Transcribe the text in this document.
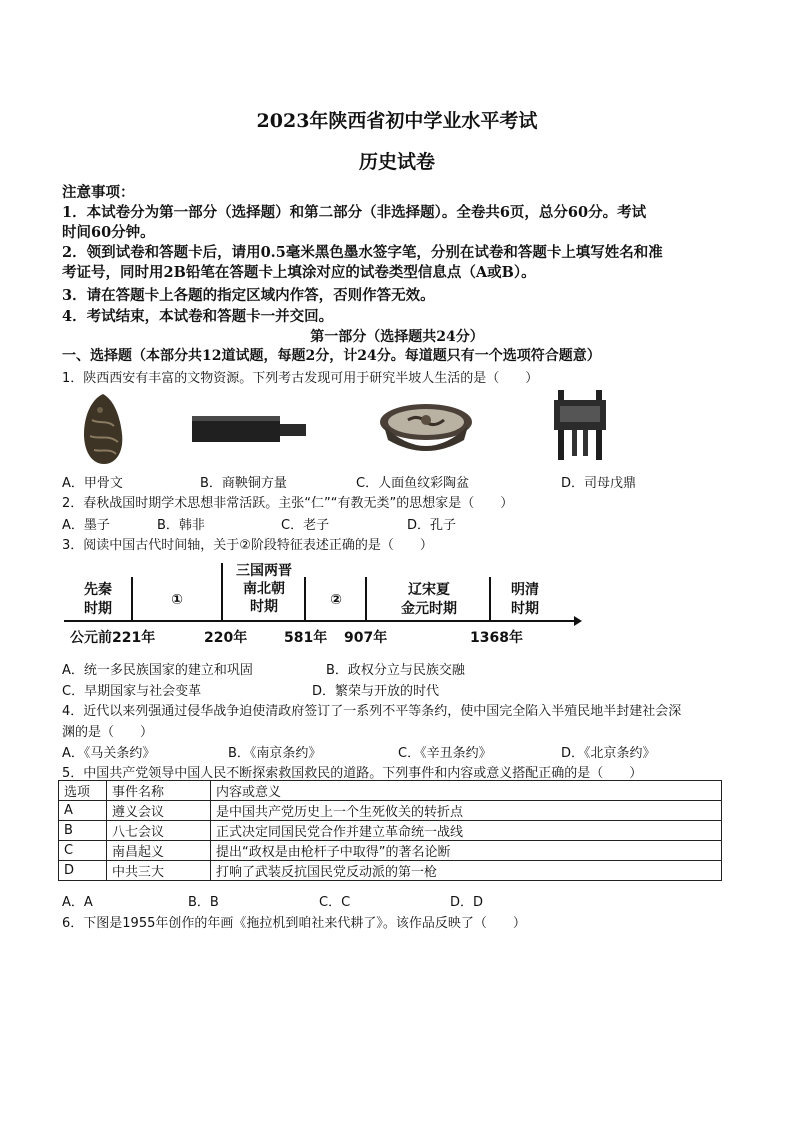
2023年陕西省初中学业水平考试
历史试卷
注意事项：
1．本试卷分为第一部分（选择题）和第二部分（非选择题）。全卷共6页，总分60分。考试
时间60分钟。
2．领到试卷和答题卡后，请用0.5毫米黑色墨水签字笔，分别在试卷和答题卡上填写姓名和准
考证号，同时用2B铅笔在答题卡上填涂对应的试卷类型信息点（A或B）。
3．请在答题卡上各题的指定区域内作答，否则作答无效。
4．考试结束，本试卷和答题卡一并交回。
第一部分（选择题共24分）
一、选择题（本部分共12道试题，每题2分，计24分。每道题只有一个选项符合题意）
1．陕西西安有丰富的文物资源。下列考古发现可用于研究半坡人生活的是（　　）
A．甲骨文	B．商鞅铜方量	C．人面鱼纹彩陶盆	D．司母戊鼎
2．春秋战国时期学术思想非常活跃。主张“仁”“有教无类”的思想家是（　　）
A．墨子	B．韩非	C．老子	D．孔子
3．阅读中国古代时间轴，关于②阶段特征表述正确的是（　　）
先秦
时期
①
三国两晋
南北朝
时期	②
辽宋夏
金元时期
明清
时期
公元前221年	220年	581年 907年	1368年
A．统一多民族国家的建立和巩固	B．政权分立与民族交融
C．早期国家与社会变革	D．繁荣与开放的时代
4．近代以来列强通过侵华战争迫使清政府签订了一系列不平等条约，使中国完全陷入半殖民地半封建社会深
渊的是（　　）
A．《马关条约》	B．《南京条约》	C．《辛丑条约》	D．《北京条约》
5．中国共产党领导中国人民不断探索救国救民的道路。下列事件和内容或意义搭配正确的是（　　）
选项	事件名称	内容或意义
A	遵义会议	是中国共产党历史上一个生死攸关的转折点
B	八七会议	正式决定同国民党合作并建立革命统一战线
C	南昌起义	提出“政权是由枪杆子中取得”的著名论断
D	中共三大	打响了武装反抗国民党反动派的第一枪
A．A	B．B	C．C	D．D
6．下图是1955年创作的年画《拖拉机到咱社来代耕了》。该作品反映了（　　）
